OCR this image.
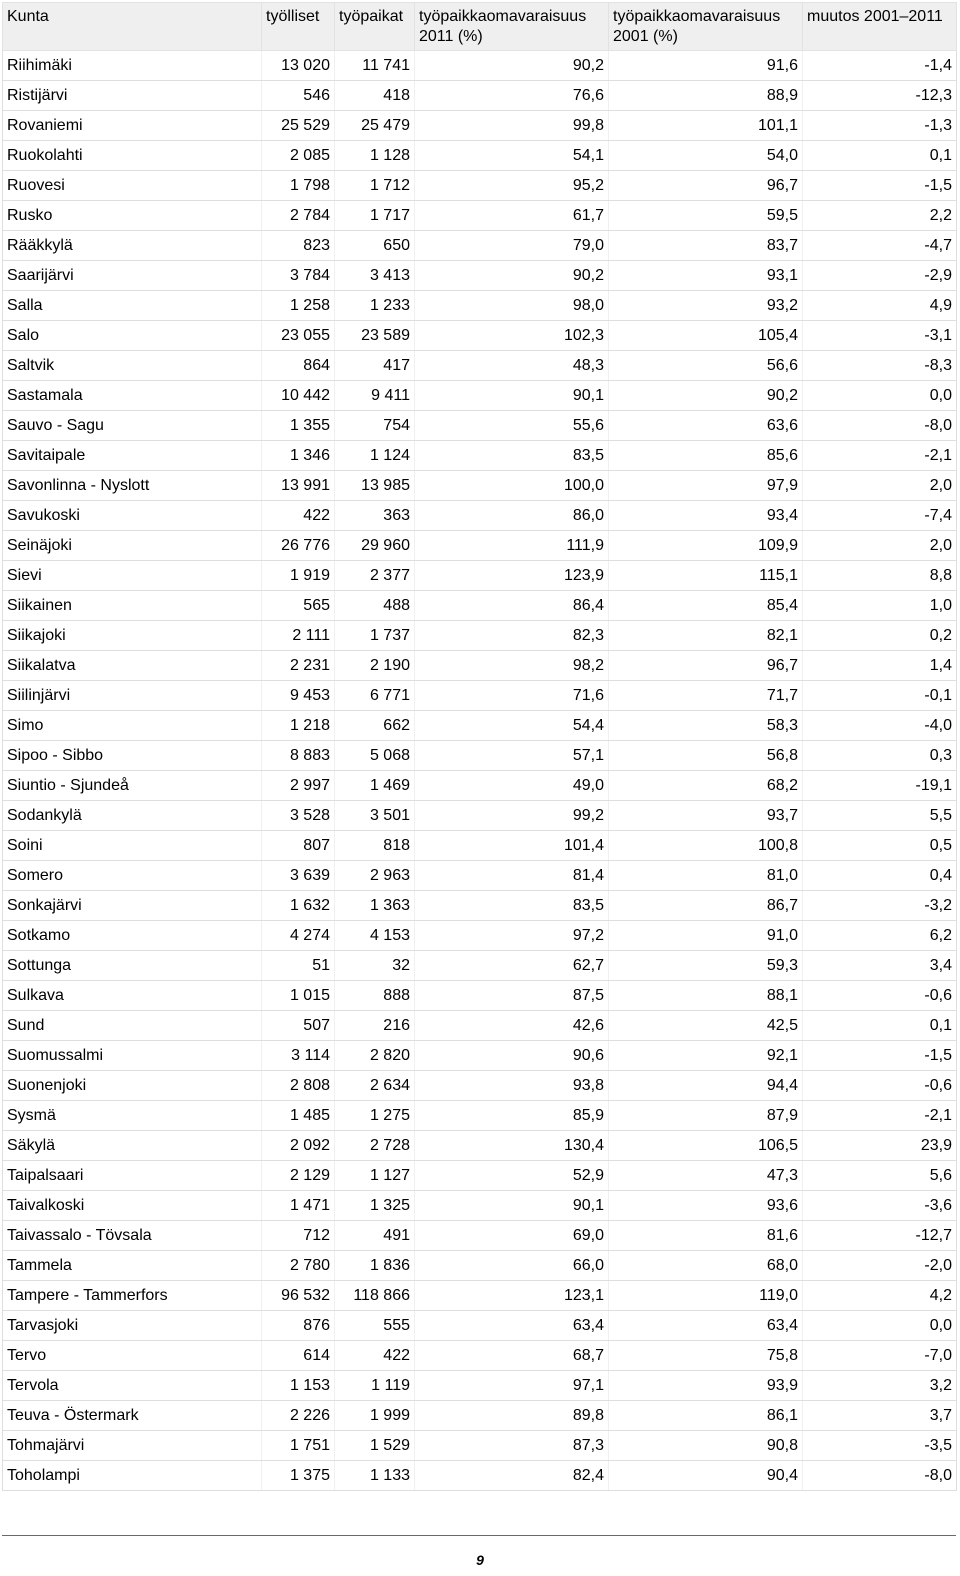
Kunta	työlliset	työpaikat	työpaikkaomavaraisuus 2011 (%)	työpaikkaomavaraisuus 2001 (%)	muutos 2001–2011
Riihimäki	13 020	11 741	90,2	91,6	-1,4
Ristijärvi	546	418	76,6	88,9	-12,3
Rovaniemi	25 529	25 479	99,8	101,1	-1,3
Ruokolahti	2 085	1 128	54,1	54,0	0,1
Ruovesi	1 798	1 712	95,2	96,7	-1,5
Rusko	2 784	1 717	61,7	59,5	2,2
Rääkkylä	823	650	79,0	83,7	-4,7
Saarijärvi	3 784	3 413	90,2	93,1	-2,9
Salla	1 258	1 233	98,0	93,2	4,9
Salo	23 055	23 589	102,3	105,4	-3,1
Saltvik	864	417	48,3	56,6	-8,3
Sastamala	10 442	9 411	90,1	90,2	0,0
Sauvo - Sagu	1 355	754	55,6	63,6	-8,0
Savitaipale	1 346	1 124	83,5	85,6	-2,1
Savonlinna - Nyslott	13 991	13 985	100,0	97,9	2,0
Savukoski	422	363	86,0	93,4	-7,4
Seinäjoki	26 776	29 960	111,9	109,9	2,0
Sievi	1 919	2 377	123,9	115,1	8,8
Siikainen	565	488	86,4	85,4	1,0
Siikajoki	2 111	1 737	82,3	82,1	0,2
Siikalatva	2 231	2 190	98,2	96,7	1,4
Siilinjärvi	9 453	6 771	71,6	71,7	-0,1
Simo	1 218	662	54,4	58,3	-4,0
Sipoo - Sibbo	8 883	5 068	57,1	56,8	0,3
Siuntio - Sjundeå	2 997	1 469	49,0	68,2	-19,1
Sodankylä	3 528	3 501	99,2	93,7	5,5
Soini	807	818	101,4	100,8	0,5
Somero	3 639	2 963	81,4	81,0	0,4
Sonkajärvi	1 632	1 363	83,5	86,7	-3,2
Sotkamo	4 274	4 153	97,2	91,0	6,2
Sottunga	51	32	62,7	59,3	3,4
Sulkava	1 015	888	87,5	88,1	-0,6
Sund	507	216	42,6	42,5	0,1
Suomussalmi	3 114	2 820	90,6	92,1	-1,5
Suonenjoki	2 808	2 634	93,8	94,4	-0,6
Sysmä	1 485	1 275	85,9	87,9	-2,1
Säkylä	2 092	2 728	130,4	106,5	23,9
Taipalsaari	2 129	1 127	52,9	47,3	5,6
Taivalkoski	1 471	1 325	90,1	93,6	-3,6
Taivassalo - Tövsala	712	491	69,0	81,6	-12,7
Tammela	2 780	1 836	66,0	68,0	-2,0
Tampere - Tammerfors	96 532	118 866	123,1	119,0	4,2
Tarvasjoki	876	555	63,4	63,4	0,0
Tervo	614	422	68,7	75,8	-7,0
Tervola	1 153	1 119	97,1	93,9	3,2
Teuva - Östermark	2 226	1 999	89,8	86,1	3,7
Tohmajärvi	1 751	1 529	87,3	90,8	-3,5
Toholampi	1 375	1 133	82,4	90,4	-8,0
9
